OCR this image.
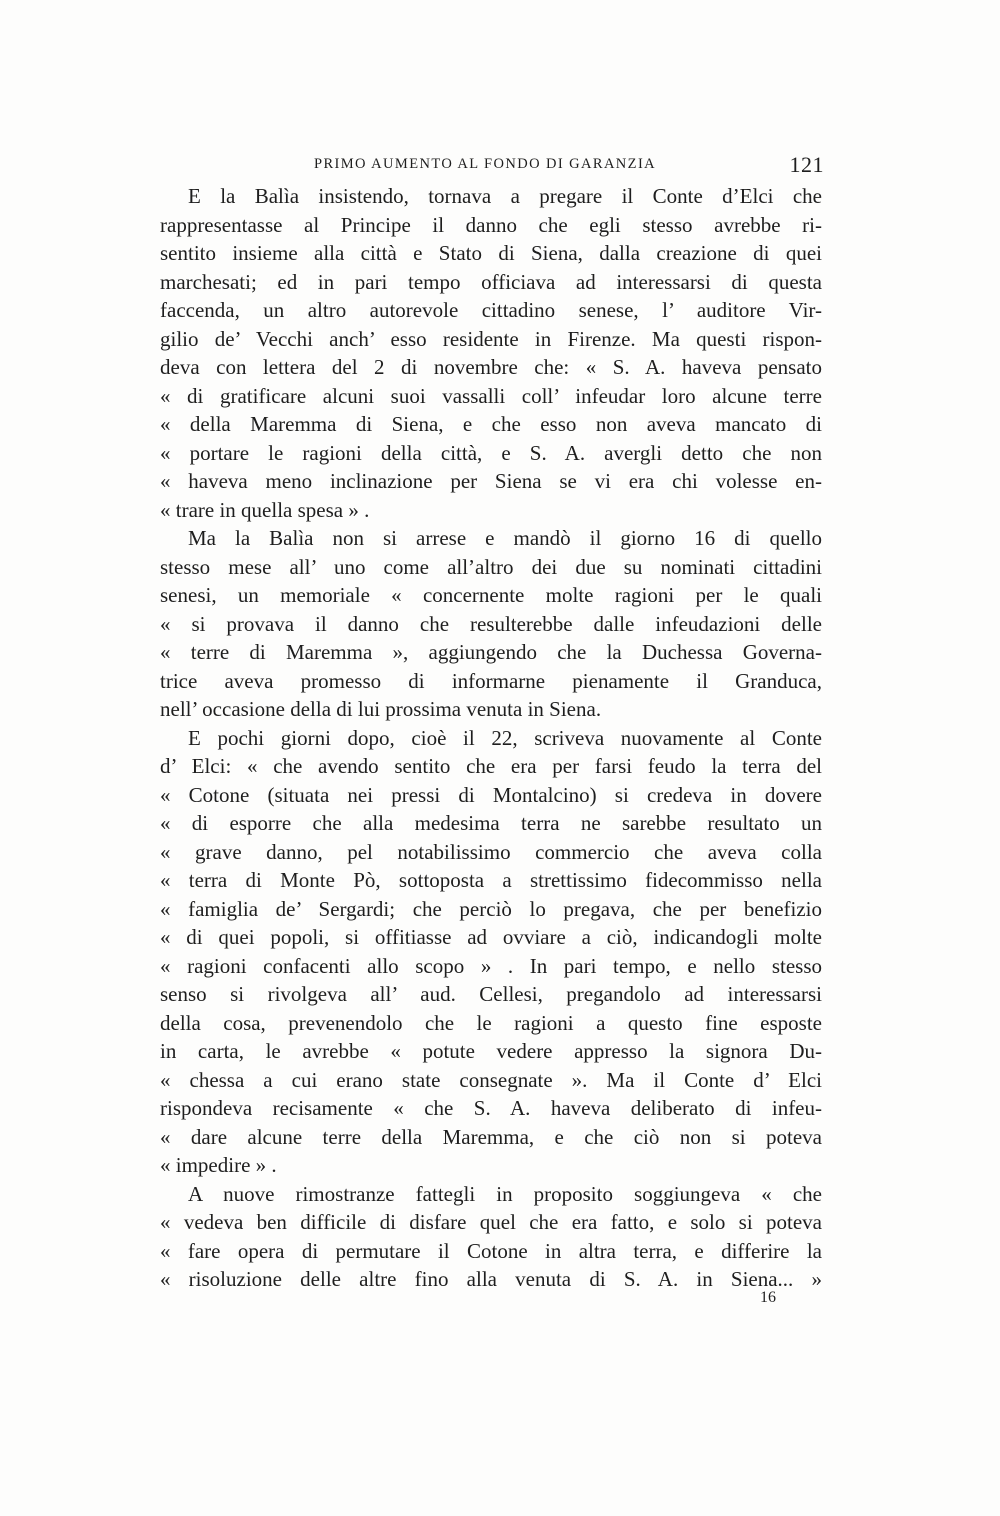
PRIMO AUMENTO AL FONDO DI GARANZIA	121
E la Balìa insistendo, tornava a pregare il Conte d’Elci che
rappresentasse al Principe il danno che egli stesso avrebbe ri-
sentito insieme alla città e Stato di Siena, dalla creazione di quei
marchesati; ed in pari tempo officiava ad interessarsi di questa
faccenda, un altro autorevole cittadino senese, l’ auditore Vir-
gilio de’ Vecchi anch’ esso residente in Firenze. Ma questi rispon-
deva con lettera del 2 di novembre che: « S. A. haveva pensato
« di gratificare alcuni suoi vassalli coll’ infeudar loro alcune terre
« della Maremma di Siena, e che esso non aveva mancato di
« portare le ragioni della città, e S. A. avergli detto che non
« haveva meno inclinazione per Siena se vi era chi volesse en-
« trare in quella spesa » .
Ma la Balìa non si arrese e mandò il giorno 16 di quello
stesso mese all’ uno come all’altro dei due su nominati cittadini
senesi, un memoriale « concernente molte ragioni per le quali
« si provava il danno che resulterebbe dalle infeudazioni delle
« terre di Maremma », aggiungendo che la Duchessa Governa-
trice aveva promesso di informarne pienamente il Granduca,
nell’ occasione della di lui prossima venuta in Siena.
E pochi giorni dopo, cioè il 22, scriveva nuovamente al Conte
d’ Elci: « che avendo sentito che era per farsi feudo la terra del
« Cotone (situata nei pressi di Montalcino) si credeva in dovere
« di esporre che alla medesima terra ne sarebbe resultato un
« grave danno, pel notabilissimo commercio che aveva colla
« terra di Monte Pò, sottoposta a strettissimo fidecommisso nella
« famiglia de’ Sergardi; che perciò lo pregava, che per benefizio
« di quei popoli, si offitiasse ad ovviare a ciò, indicandogli molte
« ragioni confacenti allo scopo » . In pari tempo, e nello stesso
senso si rivolgeva all’ aud. Cellesi, pregandolo ad interessarsi
della cosa, prevenendolo che le ragioni a questo fine esposte
in carta, le avrebbe « potute vedere appresso la signora Du-
« chessa a cui erano state consegnate ». Ma il Conte d’ Elci
rispondeva recisamente « che S. A. haveva deliberato di infeu-
« dare alcune terre della Maremma, e che ciò non si poteva
« impedire » .
A nuove rimostranze fattegli in proposito soggiungeva « che
« vedeva ben difficile di disfare quel che era fatto, e solo si poteva
« fare opera di permutare il Cotone in altra terra, e differire la
« risoluzione delle altre fino alla venuta di S. A. in Siena... »
16
